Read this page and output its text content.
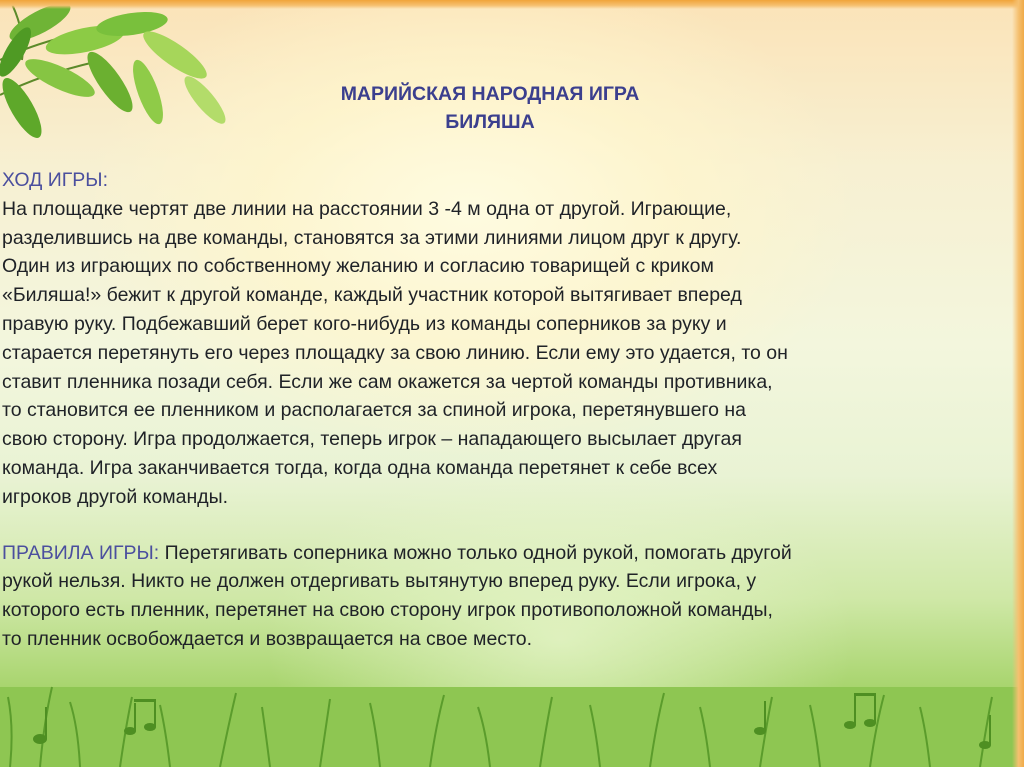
МАРИЙСКАЯ НАРОДНАЯ ИГРА
БИЛЯША
ХОД ИГРЫ:
На площадке чертят две линии на расстоянии 3 -4 м одна от другой. Играющие,
разделившись на две команды, становятся за этими линиями лицом друг к другу.
Один из играющих по собственному желанию и согласию товарищей с криком
«Биляша!» бежит к другой команде, каждый участник которой вытягивает вперед
правую руку. Подбежавший берет кого-нибудь из команды соперников за руку и
старается перетянуть его через площадку за свою линию. Если ему это удается, то он
ставит пленника позади себя. Если же сам окажется за чертой команды противника,
то становится ее пленником и располагается за спиной игрока, перетянувшего на
свою сторону. Игра продолжается, теперь игрок – нападающего высылает другая
команда. Игра заканчивается тогда, когда одна команда перетянет к себе всех
игроков другой команды.
ПРАВИЛА ИГРЫ: Перетягивать соперника можно только одной рукой, помогать другой
рукой нельзя. Никто не должен отдергивать вытянутую вперед руку. Если игрока, у
которого есть пленник, перетянет на свою сторону игрок противоположной команды,
то пленник освобождается и возвращается на свое место.
